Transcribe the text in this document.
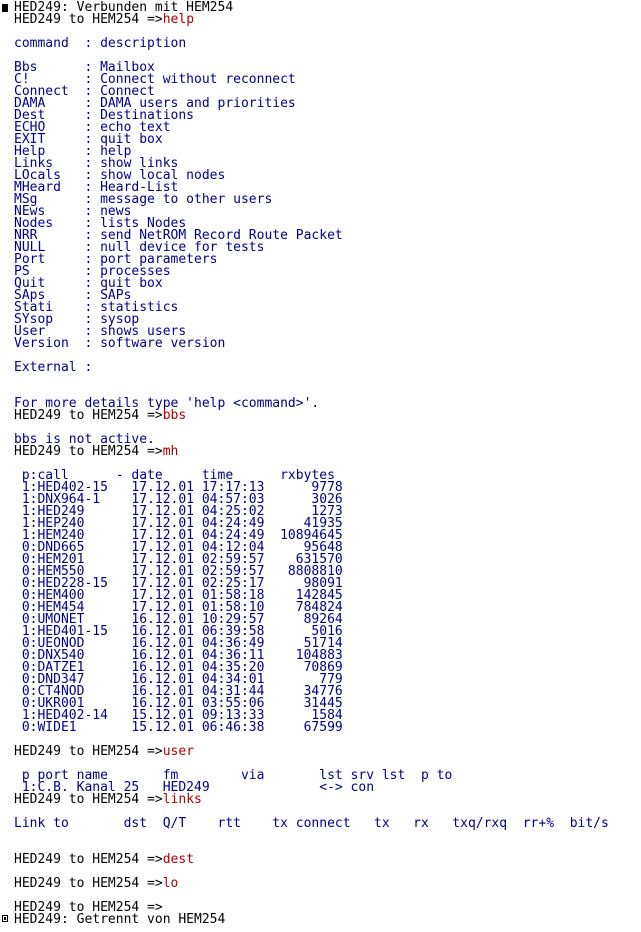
HED249: Verbunden mit HEM254
HED249 to HEM254 =>help
command  : description
Bbs      : Mailbox
C!       : Connect without reconnect
Connect  : Connect
DAMA     : DAMA users and priorities
Dest     : Destinations
ECHO     : echo text
EXIT     : quit box
Help     : help
Links    : show links
LOcals   : show local nodes
MHeard   : Heard-List
MSg      : message to other users
NEws     : news
Nodes    : lists Nodes
NRR      : send NetROM Record Route Packet
NULL     : null device for tests
Port     : port parameters
PS       : processes
Quit     : quit box
SAps     : SAPs
Stati    : statistics
SYsop    : sysop
User     : shows users
Version  : software version
External :
For more details type 'help <command>'.
HED249 to HEM254 =>bbs
bbs is not active.
HED249 to HEM254 =>mh
p:call      - date     time      rxbytes
1:HED402-15   17.12.01 17:17:13      9778
1:DNX964-1    17.12.01 04:57:03      3026
1:HED249      17.12.01 04:25:02      1273
1:HEP240      17.12.01 04:24:49     41935
1:HEM240      17.12.01 04:24:49  10894645
0:DND665      17.12.01 04:12:04     95648
0:HEM201      17.12.01 02:59:57    631570
0:HEM550      17.12.01 02:59:57   8808810
0:HED228-15   17.12.01 02:25:17     98091
0:HEM400      17.12.01 01:58:18    142845
0:HEM454      17.12.01 01:58:10    784824
0:UMONET      16.12.01 10:29:57     89264
1:HED401-15   16.12.01 06:39:58      5016
0:UEONOD      16.12.01 04:36:49     51714
0:DNX540      16.12.01 04:36:11    104883
0:DATZE1      16.12.01 04:35:20     70869
0:DND347      16.12.01 04:34:01       779
0:CT4NOD      16.12.01 04:31:44     34776
0:UKR001      16.12.01 03:55:06     31445
1:HED402-14   15.12.01 09:13:33      1584
0:WIDE1       15.12.01 06:46:38     67599
HED249 to HEM254 =>user
p port name       fm        via       lst srv lst  p to
1:C.B. Kanal 25   HED249              <-> con
HED249 to HEM254 =>links
Link to       dst  Q/T    rtt    tx connect   tx   rx   txq/rxq  rr+%  bit/s
HED249 to HEM254 =>dest
HED249 to HEM254 =>lo
HED249 to HEM254 =>
HED249: Getrennt von HEM254
